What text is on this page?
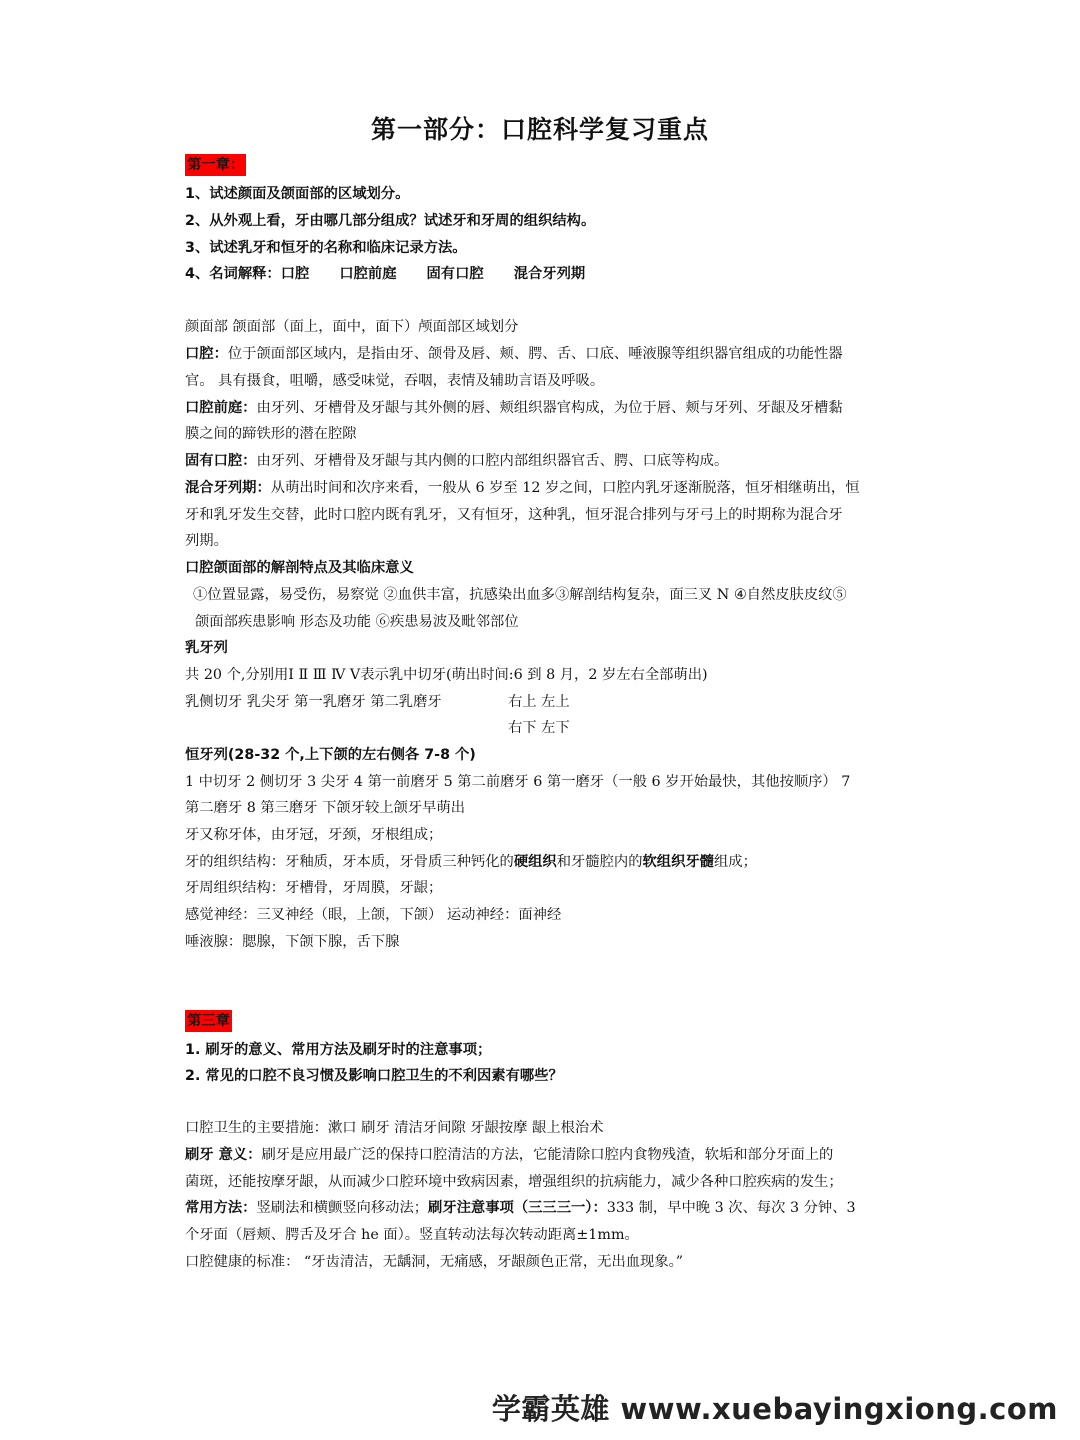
第一部分：口腔科学复习重点
第一章：
1、试述颜面及颌面部的区域划分。
2、从外观上看，牙由哪几部分组成？试述牙和牙周的组织结构。
3、试述乳牙和恒牙的名称和临床记录方法。
4、名词解释：口腔 口腔前庭 固有口腔 混合牙列期
颜面部 颌面部（面上，面中，面下）颅面部区域划分
口腔：位于颌面部区域内，是指由牙、颌骨及唇、颊、腭、舌、口底、唾液腺等组织器官组成的功能性器
官。 具有摄食，咀嚼，感受味觉，吞咽，表情及辅助言语及呼吸。
口腔前庭：由牙列、牙槽骨及牙龈与其外侧的唇、颊组织器官构成，为位于唇、颊与牙列、牙龈及牙槽黏
膜之间的蹄铁形的潜在腔隙
固有口腔：由牙列、牙槽骨及牙龈与其内侧的口腔内部组织器官舌、腭、口底等构成。
混合牙列期：从萌出时间和次序来看，一般从 6 岁至 12 岁之间，口腔内乳牙逐渐脱落，恒牙相继萌出，恒
牙和乳牙发生交替，此时口腔内既有乳牙，又有恒牙，这种乳，恒牙混合排列与牙弓上的时期称为混合牙
列期。
口腔颌面部的解剖特点及其临床意义
①位置显露，易受伤，易察觉 ②血供丰富，抗感染出血多③解剖结构复杂，面三叉 N ④自然皮肤皮纹⑤
颌面部疾患影响 形态及功能 ⑥疾患易波及毗邻部位
乳牙列
共 20 个,分别用Ⅰ Ⅱ Ⅲ Ⅳ Ⅴ表示乳中切牙(萌出时间:6 到 8 月，2 岁左右全部萌出)
乳侧切牙 乳尖牙 第一乳磨牙 第二乳磨牙	右上 左上
右下 左下
恒牙列(28-32 个,上下颌的左右侧各 7-8 个)
1 中切牙 2 侧切牙 3 尖牙 4 第一前磨牙 5 第二前磨牙 6 第一磨牙（一般 6 岁开始最快，其他按顺序） 7
第二磨牙 8 第三磨牙 下颌牙较上颌牙早萌出
牙又称牙体，由牙冠，牙颈，牙根组成；
牙的组织结构：牙釉质，牙本质，牙骨质三种钙化的硬组织和牙髓腔内的软组织牙髓组成；
牙周组织结构：牙槽骨，牙周膜，牙龈；
感觉神经：三叉神经（眼，上颌，下颌） 运动神经：面神经
唾液腺：腮腺，下颌下腺，舌下腺
第三章
1. 刷牙的意义、常用方法及刷牙时的注意事项；
2. 常见的口腔不良习惯及影响口腔卫生的不利因素有哪些？
口腔卫生的主要措施：漱口 刷牙 清洁牙间隙 牙龈按摩 龈上根治术
刷牙 意义：刷牙是应用最广泛的保持口腔清洁的方法，它能清除口腔内食物残渣，软垢和部分牙面上的
菌斑，还能按摩牙龈，从而减少口腔环境中致病因素，增强组织的抗病能力，减少各种口腔疾病的发生；
常用方法：竖刷法和横颤竖向移动法；刷牙注意事项（三三三一）：333 制，早中晚 3 次、每次 3 分钟、3
个牙面（唇颊、腭舌及牙合 he 面）。竖直转动法每次转动距离±1mm。
口腔健康的标准： “牙齿清洁，无龋洞，无痛感，牙龈颜色正常，无出血现象。”
学霸英雄 www.xuebayingxiong.com
